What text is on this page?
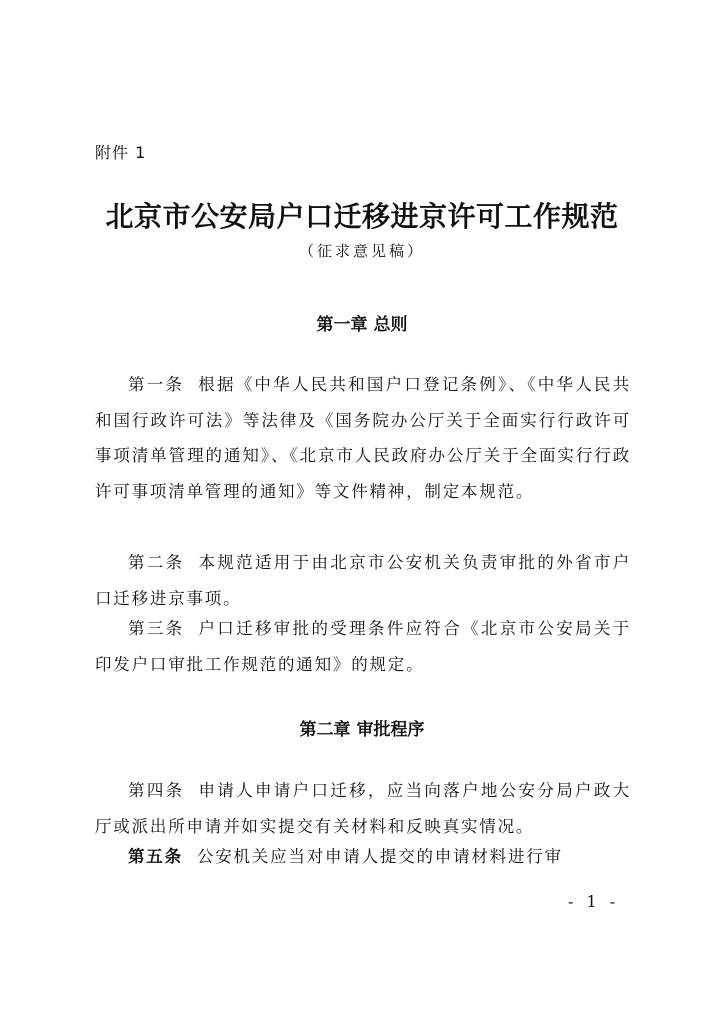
附件 1
北京市公安局户口迁移进京许可工作规范
（征求意见稿）
第一章 总则

第一条 根据《中华人民共和国户口登记条例》、《中华人民共和国行政许可法》等法律及《国务院办公厅关于全面实行行政许可事项清单管理的通知》、《北京市人民政府办公厅关于全面实行行政许可事项清单管理的通知》等文件精神，制定本规范。

第二条 本规范适用于由北京市公安机关负责审批的外省市户口迁移进京事项。

第三条 户口迁移审批的受理条件应符合《北京市公安局关于印发户口审批工作规范的通知》的规定。

第二章 审批程序

第四条 申请人申请户口迁移，应当向落户地公安分局户政大厅或派出所申请并如实提交有关材料和反映真实情况。

第五条 公安机关应当对申请人提交的申请材料进行审

- 1 -
